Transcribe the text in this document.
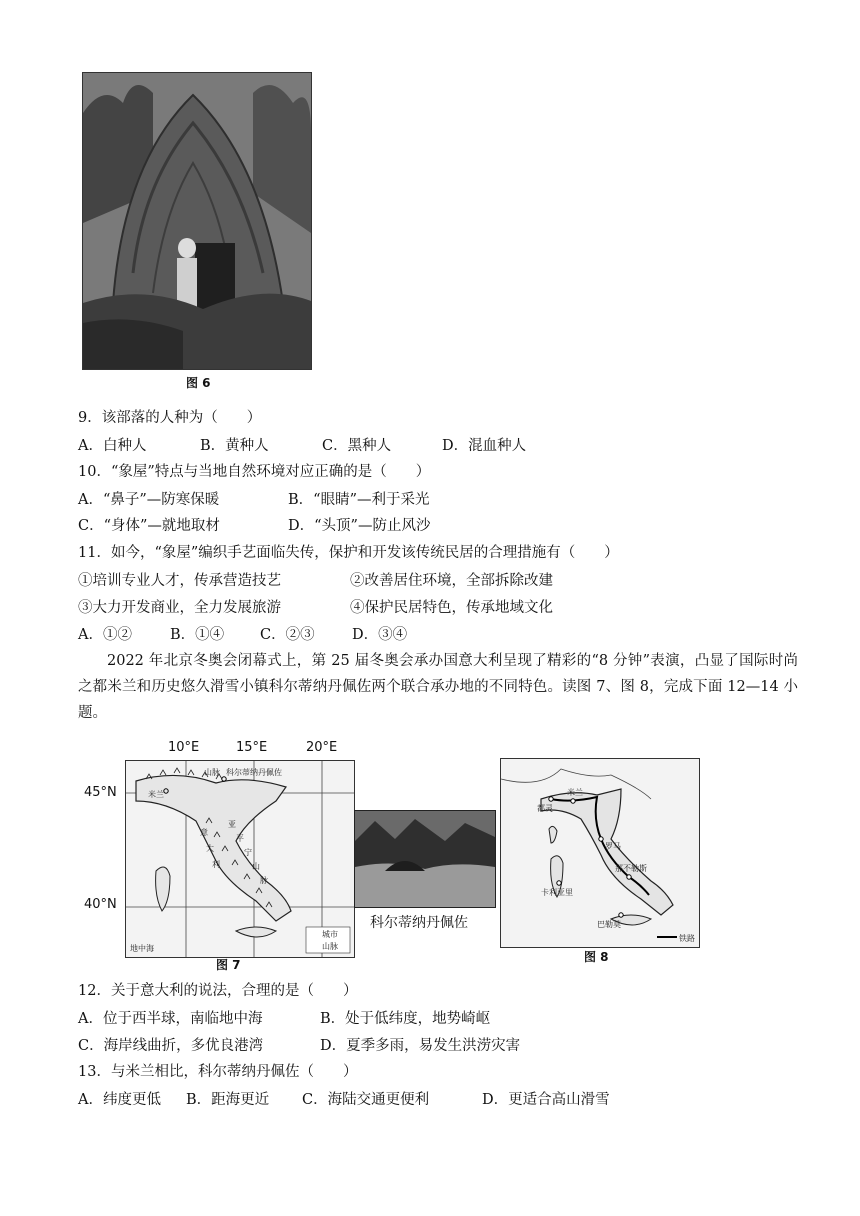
图 6
9．该部落的人种为（　　）
A．白种人	B．黄种人	C．黑种人	D．混血种人
10．“象屋”特点与当地自然环境对应正确的是（　　）
A．“鼻子”—防寒保暖	B．“眼睛”—利于采光
C．“身体”—就地取材	D．“头顶”—防止风沙
11．如今，“象屋”编织手艺面临失传，保护和开发该传统民居的合理措施有（　　）
①培训专业人才，传承营造技艺	②改善居住环境，全部拆除改建
③大力开发商业，全力发展旅游	④保护民居特色，传承地域文化
A．①②	B．①④ C．②③	D．③④
2022 年北京冬奥会闭幕式上，第 25 届冬奥会承办国意大利呈现了精彩的“8 分钟”表演，凸显了国际时尚之都米兰和历史悠久滑雪小镇科尔蒂纳丹佩佐两个联合承办地的不同特色。读图 7、图 8，完成下面 12—14 小题。
10°E	15°E	20°E
45°N
40°N
米兰
科尔蒂纳丹佩佐
山脉
意
大
利
亚
平
宁
山
脉
地中海
城市
山脉
图 7
科尔蒂纳丹佩佐
米兰
都灵
罗马
那不勒斯
巴勒莫
卡利亚里
铁路
图 8
12．关于意大利的说法，合理的是（　　）
A．位于西半球，南临地中海	B．处于低纬度，地势崎岖
C．海岸线曲折，多优良港湾	D．夏季多雨，易发生洪涝灾害
13．与米兰相比，科尔蒂纳丹佩佐（　　）
A．纬度更低 B．距海更近 C．海陆交通更便利	D．更适合高山滑雪
